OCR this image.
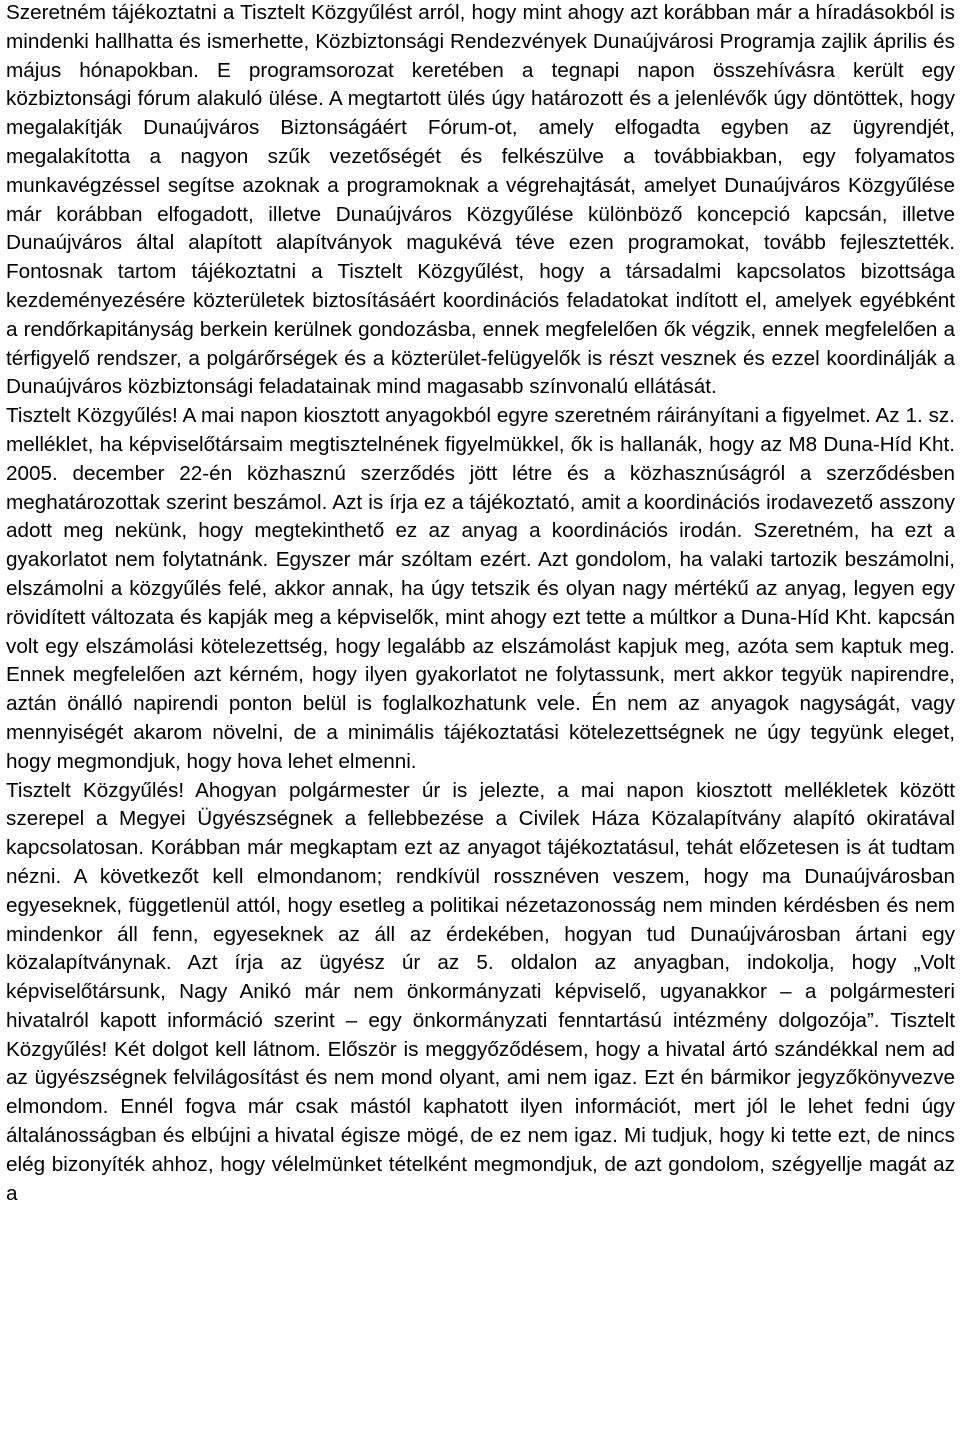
Szeretném tájékoztatni a Tisztelt Közgyűlést arról, hogy mint ahogy azt korábban már a híradásokból is mindenki hallhatta és ismerhette, Közbiztonsági Rendezvények Dunaújvárosi Programja zajlik április és május hónapokban. E programsorozat keretében a tegnapi napon összehívásra került egy közbiztonsági fórum alakuló ülése. A megtartott ülés úgy határozott és a jelenlévők úgy döntöttek, hogy megalakítják Dunaújváros Biztonságáért Fórum-ot, amely elfogadta egyben az ügyrendjét, megalakította a nagyon szűk vezetőségét és felkészülve a továbbiakban, egy folyamatos munkavégzéssel segítse azoknak a programoknak a végrehajtását, amelyet Dunaújváros Közgyűlése már korábban elfogadott, illetve Dunaújváros Közgyűlése különböző koncepció kapcsán, illetve Dunaújváros által alapított alapítványok magukévá téve ezen programokat, tovább fejlesztették. Fontosnak tartom tájékoztatni a Tisztelt Közgyűlést, hogy a társadalmi kapcsolatos bizottsága kezdeményezésére közterületek biztosításáért koordinációs feladatokat indított el, amelyek egyébként a rendőrkapitányság berkein kerülnek gondozásba, ennek megfelelően ők végzik, ennek megfelelően a térfigyelő rendszer, a polgárőrségek és a közterület-felügyelők is részt vesznek és ezzel koordinálják a Dunaújváros közbiztonsági feladatainak mind magasabb színvonalú ellátását.

Tisztelt Közgyűlés! A mai napon kiosztott anyagokból egyre szeretném ráirányítani a figyelmet. Az 1. sz. melléklet, ha képviselőtársaim megtisztelnének figyelmükkel, ők is hallanák, hogy az M8 Duna-Híd Kht. 2005. december 22-én közhasznú szerződés jött létre és a közhasznúságról a szerződésben meghatározottak szerint beszámol. Azt is írja ez a tájékoztató, amit a koordinációs irodavezető asszony adott meg nekünk, hogy megtekinthető ez az anyag a koordinációs irodán. Szeretném, ha ezt a gyakorlatot nem folytatnánk. Egyszer már szóltam ezért. Azt gondolom, ha valaki tartozik beszámolni, elszámolni a közgyűlés felé, akkor annak, ha úgy tetszik és olyan nagy mértékű az anyag, legyen egy rövidített változata és kapják meg a képviselők, mint ahogy ezt tette a múltkor a Duna-Híd Kht. kapcsán volt egy elszámolási kötelezettség, hogy legalább az elszámolást kapjuk meg, azóta sem kaptuk meg. Ennek megfelelően azt kérném, hogy ilyen gyakorlatot ne folytassunk, mert akkor tegyük napirendre, aztán önálló napirendi ponton belül is foglalkozhatunk vele. Én nem az anyagok nagyságát, vagy mennyiségét akarom növelni, de a minimális tájékoztatási kötelezettségnek ne úgy tegyünk eleget, hogy megmondjuk, hogy hova lehet elmenni.

Tisztelt Közgyűlés! Ahogyan polgármester úr is jelezte, a mai napon kiosztott mellékletek között szerepel a Megyei Ügyészségnek a fellebbezése a Civilek Háza Közalapítvány alapító okiratával kapcsolatosan. Korábban már megkaptam ezt az anyagot tájékoztatásul, tehát előzetesen is át tudtam nézni. A következőt kell elmondanom; rendkívül rossznéven veszem, hogy ma Dunaújvárosban egyeseknek, függetlenül attól, hogy esetleg a politikai nézetazonosság nem minden kérdésben és nem mindenkor áll fenn, egyeseknek az áll az érdekében, hogyan tud Dunaújvárosban ártani egy közalapítványnak. Azt írja az ügyész úr az 5. oldalon az anyagban, indokolja, hogy „Volt képviselőtársunk, Nagy Anikó már nem önkormányzati képviselő, ugyanakkor – a polgármesteri hivatalról kapott információ szerint – egy önkormányzati fenntartású intézmény dolgozója”. Tisztelt Közgyűlés! Két dolgot kell látnom. Először is meggyőződésem, hogy a hivatal ártó szándékkal nem ad az ügyészségnek felvilágosítást és nem mond olyant, ami nem igaz. Ezt én bármikor jegyzőkönyvezve elmondom. Ennél fogva már csak mástól kaphatott ilyen információt, mert jól le lehet fedni úgy általánosságban és elbújni a hivatal égisze mögé, de ez nem igaz. Mi tudjuk, hogy ki tette ezt, de nincs elég bizonyíték ahhoz, hogy vélelmünket tételként megmondjuk, de azt gondolom, szégyellje magát az a
